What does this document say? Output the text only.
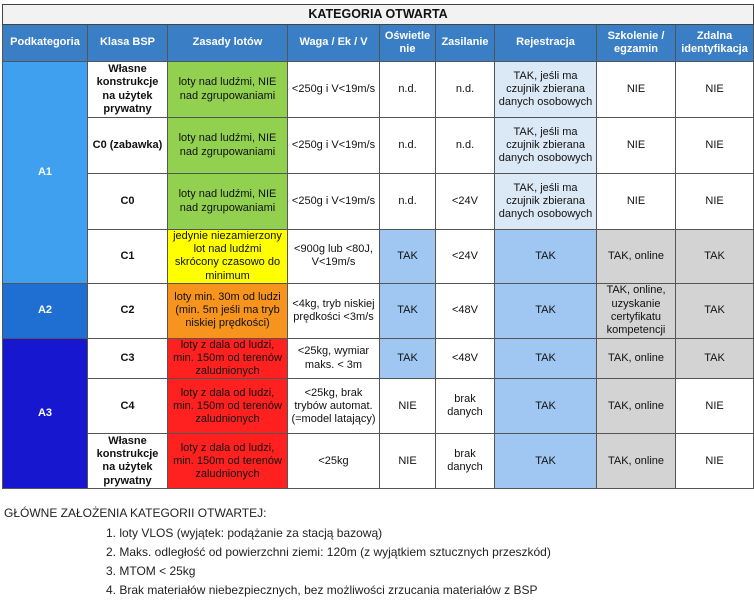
KATEGORIA OTWARTA								
Podkategoria	Klasa BSP	Zasady lotów	Waga / Ek / V	Oświetle nie	Zasilanie	Rejestracja	Szkolenie / egzamin	Zdalna identyfikacja
A1	Własne konstrukcje na użytek prywatny	loty nad ludźmi, NIE nad zgrupowaniami	<250g i V<19m/s	n.d.	n.d.	TAK, jeśli ma czujnik zbierana danych osobowych	NIE	NIE
	C0 (zabawka)	loty nad ludźmi, NIE nad zgrupowaniami	<250g i V<19m/s	n.d.	n.d.	TAK, jeśli ma czujnik zbierana danych osobowych	NIE	NIE
	C0	loty nad ludźmi, NIE nad zgrupowaniami	<250g i V<19m/s	n.d.	<24V	TAK, jeśli ma czujnik zbierana danych osobowych	NIE	NIE
	C1	jedynie niezamierzony lot nad ludźmi skrócony czasowo do minimum	<900g lub <80J, V<19m/s	TAK	<24V	TAK	TAK, online	TAK
A2	C2	loty min. 30m od ludzi (min. 5m jeśli ma tryb niskiej prędkości)	<4kg, tryb niskiej prędkości <3m/s	TAK	<48V	TAK	TAK, online, uzyskanie certyfikatu kompetencji	TAK
A3	C3	loty z dala od ludzi, min. 150m od terenów zaludnionych	<25kg, wymiar maks. < 3m	TAK	<48V	TAK	TAK, online	TAK
	C4	loty z dala od ludzi, min. 150m od terenów zaludnionych	<25kg, brak trybów automat. (=model latający)	NIE	brak danych	TAK	TAK, online	NIE
	Własne konstrukcje na użytek prywatny	loty z dala od ludzi, min. 150m od terenów zaludnionych	<25kg	NIE	brak danych	TAK	TAK, online	NIE
GŁÓWNE ZAŁOŻENIA KATEGORII OTWARTEJ:
1. loty VLOS (wyjątek: podążanie za stacją bazową)
2. Maks. odległość od powierzchni ziemi: 120m (z wyjątkiem sztucznych przeszkód)
3. MTOM < 25kg
4. Brak materiałów niebezpiecznych, bez możliwości zrzucania materiałów z BSP
